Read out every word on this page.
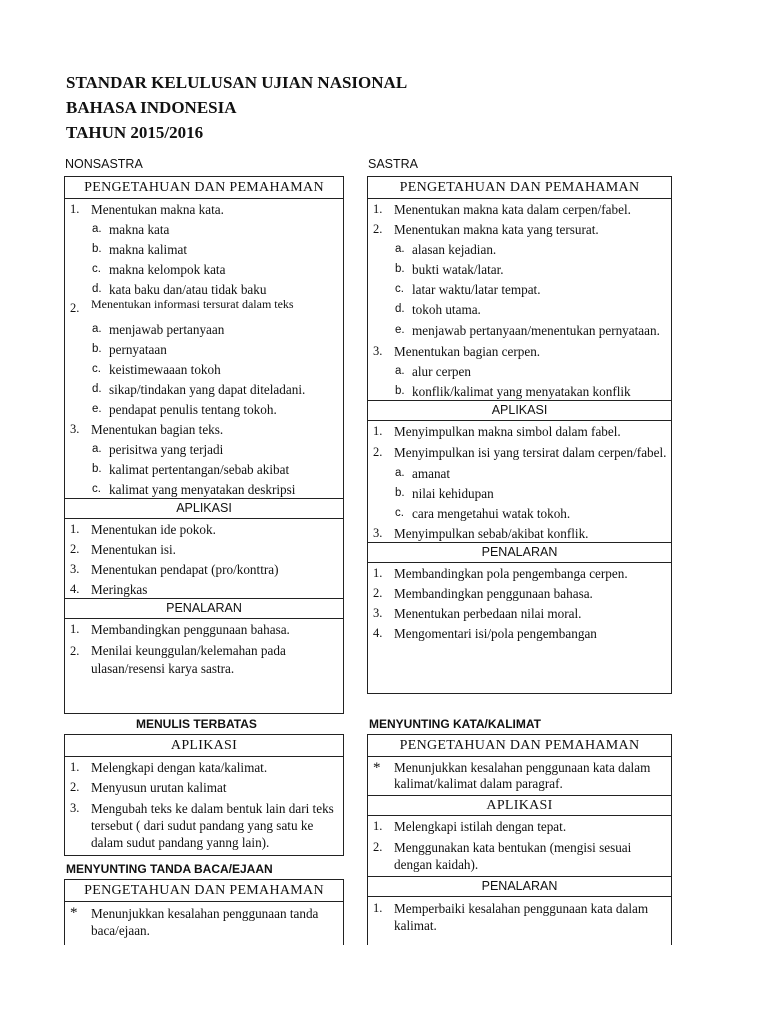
STANDAR KELULUSAN UJIAN NASIONAL
BAHASA INDONESIA
TAHUN 2015/2016
NONSASTRA	SASTRA
PENGETAHUAN DAN PEMAHAMAN
1. Menentukan makna kata.
a. makna kata
b. makna kalimat
c. makna kelompok kata
d. kata baku dan/atau tidak baku
2. Menentukan informasi tersurat dalam teks
a. menjawab pertanyaan
b. pernyataan
c. keistimewaaan tokoh
d. sikap/tindakan yang dapat diteladani.
e. pendapat penulis tentang tokoh.
3. Menentukan bagian teks.
a. perisitwa yang terjadi
b. kalimat pertentangan/sebab akibat
c. kalimat yang menyatakan deskripsi
APLIKASI
1. Menentukan ide pokok.
2. Menentukan isi.
3. Menentukan pendapat (pro/konttra)
4. Meringkas
PENALARAN
1. Membandingkan penggunaan bahasa.
2. Menilai keunggulan/kelemahan pada ulasan/resensi karya sastra.
PENGETAHUAN DAN PEMAHAMAN
1. Menentukan makna kata dalam cerpen/fabel.
2. Menentukan makna kata yang tersurat.
a. alasan kejadian.
b. bukti watak/latar.
c. latar waktu/latar tempat.
d. tokoh utama.
e. menjawab pertanyaan/menentukan pernyataan.
3. Menentukan bagian cerpen.
a. alur cerpen
b. konflik/kalimat yang menyatakan konflik
APLIKASI
1. Menyimpulkan makna simbol dalam fabel.
2. Menyimpulkan isi yang tersirat dalam cerpen/fabel.
a. amanat
b. nilai kehidupan
c. cara mengetahui watak tokoh.
3. Menyimpulkan sebab/akibat konflik.
PENALARAN
1. Membandingkan pola pengembanga cerpen.
2. Membandingkan penggunaan bahasa.
3. Menentukan perbedaan nilai moral.
4. Mengomentari isi/pola pengembangan
MENULIS TERBATAS
APLIKASI
1. Melengkapi dengan kata/kalimat.
2. Menyusun urutan kalimat
3. Mengubah teks ke dalam bentuk lain dari teks tersebut ( dari sudut pandang yang satu ke dalam sudut pandang yanng lain).
MENYUNTING TANDA BACA/EJAAN
PENGETAHUAN DAN PEMAHAMAN
* Menunjukkan kesalahan penggunaan tanda baca/ejaan.
MENYUNTING KATA/KALIMAT
PENGETAHUAN DAN PEMAHAMAN
* Menunjukkan kesalahan penggunaan kata dalam kalimat/kalimat dalam paragraf.
APLIKASI
1. Melengkapi istilah dengan tepat.
2. Menggunakan kata bentukan (mengisi sesuai dengan kaidah).
PENALARAN
1. Memperbaiki kesalahan penggunaan kata dalam kalimat.
